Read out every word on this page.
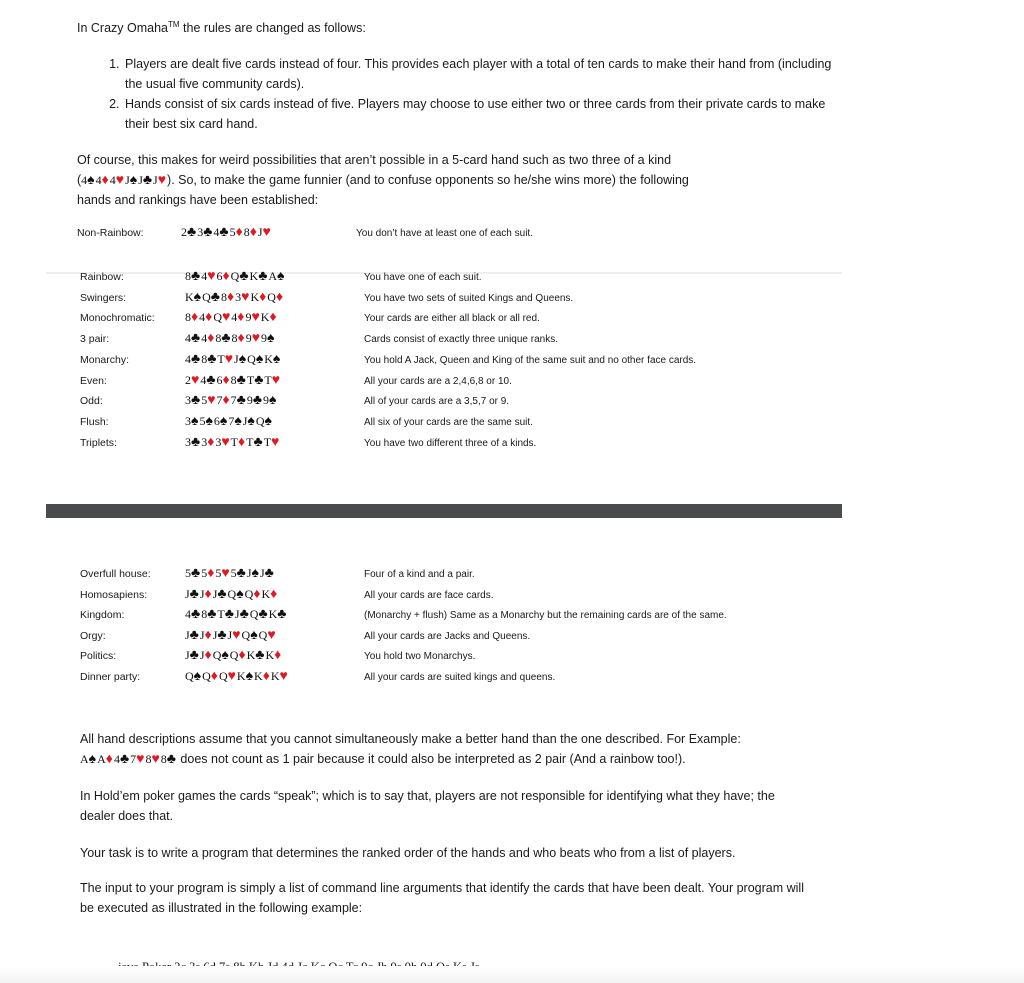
In Crazy Omaha™ the rules are changed as follows:
1. Players are dealt five cards instead of four. This provides each player with a total of ten cards to make their hand from (including the usual five community cards).
2. Hands consist of six cards instead of five. Players may choose to use either two or three cards from their private cards to make their best six card hand.
Of course, this makes for weird possibilities that aren’t possible in a 5-card hand such as two three of a kind
(4♠4♦4♥J♠J♣J♥). So, to make the game funnier (and to confuse opponents so he/she wins more) the following
hands and rankings have been established:
Non-Rainbow:	2♣3♣4♣5♦8♦J♥	You don’t have at least one of each suit.
Rainbow:	8♣4♥6♦Q♣K♣A♠	You have one of each suit.
Swingers:	K♠Q♣8♦3♥K♦Q♦	You have two sets of suited Kings and Queens.
Monochromatic:	8♦4♦Q♥4♦9♥K♦	Your cards are either all black or all red.
3 pair:	4♣4♦8♣8♦9♥9♠	Cards consist of exactly three unique ranks.
Monarchy:	4♣8♣T♥J♠Q♠K♠	You hold A Jack, Queen and King of the same suit and no other face cards.
Even:	2♥4♣6♦8♣T♣T♥	All your cards are a 2,4,6,8 or 10.
Odd:	3♣5♥7♦7♣9♣9♠	All of your cards are a 3,5,7 or 9.
Flush:	3♠5♠6♠7♠J♠Q♠	All six of your cards are the same suit.
Triplets:	3♣3♦3♥T♦T♣T♥	You have two different three of a kinds.
Overfull house:	5♣5♦5♥5♣J♠J♣	Four of a kind and a pair.
Homosapiens:	J♣J♦J♣Q♠Q♦K♦	All your cards are face cards.
Kingdom:	4♣8♣T♣J♣Q♣K♣	(Monarchy + flush) Same as a Monarchy but the remaining cards are of the same.
Orgy:	J♣J♦J♣J♥Q♠Q♥	All your cards are Jacks and Queens.
Politics:	J♣J♦Q♠Q♦K♣K♦	You hold two Monarchys.
Dinner party:	Q♠Q♦Q♥K♠K♦K♥	All your cards are suited kings and queens.
All hand descriptions assume that you cannot simultaneously make a better hand than the one described. For Example:
A♠A♦4♣7♥8♥8♣ does not count as 1 pair because it could also be interpreted as 2 pair (And a rainbow too!).
In Hold’em poker games the cards “speak”; which is to say that, players are not responsible for identifying what they have; the dealer does that.
Your task is to write a program that determines the ranked order of the hands and who beats who from a list of players.
The input to your program is simply a list of command line arguments that identify the cards that have been dealt. Your program will be executed as illustrated in the following example:
